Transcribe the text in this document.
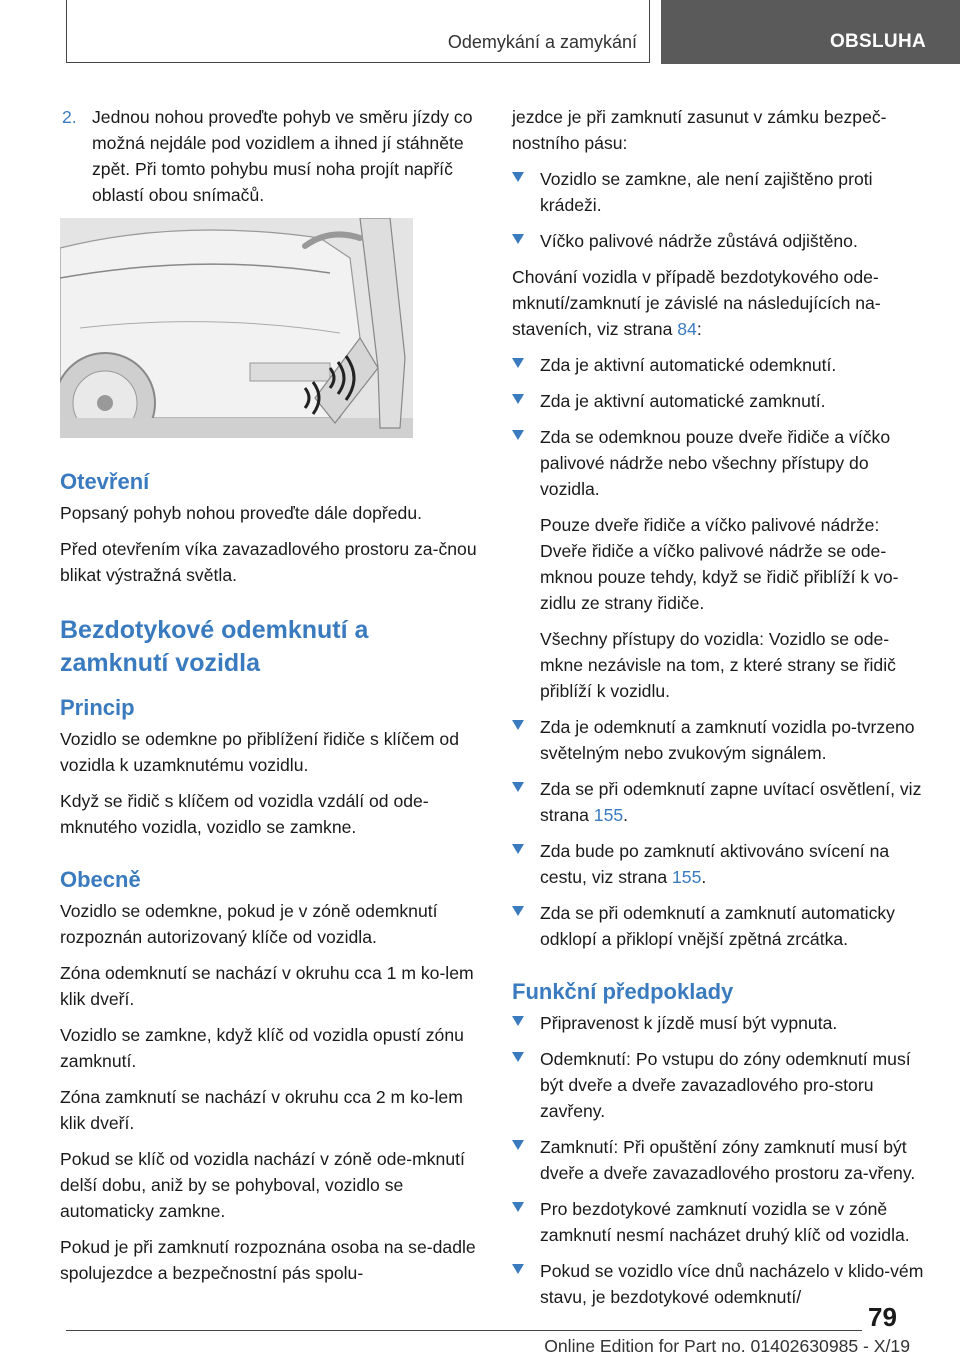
Odemykání a zamykání	OBSLUHA
2. Jednou nohou proveďte pohyb ve směru jízdy co možná nejdále pod vozidlem a ihned jí stáhněte zpět. Při tomto pohybu musí noha projít napříč oblastí obou snímačů.
Otevření

Popsaný pohyb nohou proveďte dále dopředu.

Před otevřením víka zavazadlového prostoru za-čnou blikat výstražná světla.

Bezdotykové odemknutí a zamknutí vozidla
Princip

Vozidlo se odemkne po přiblížení řidiče s klíčem od vozidla k uzamknutému vozidlu.

Když se řidič s klíčem od vozidla vzdálí od ode-mknutého vozidla, vozidlo se zamkne.

Obecně

Vozidlo se odemkne, pokud je v zóně odemknutí rozpoznán autorizovaný klíče od vozidla.

Zóna odemknutí se nachází v okruhu cca 1 m ko-lem klik dveří.

Vozidlo se zamkne, když klíč od vozidla opustí zónu zamknutí.

Zóna zamknutí se nachází v okruhu cca 2 m ko-lem klik dveří.

Pokud se klíč od vozidla nachází v zóně ode-mknutí delší dobu, aniž by se pohyboval, vozidlo se automaticky zamkne.

Pokud je při zamknutí rozpoznána osoba na se-dadle spolujezdce a bezpečnostní pás spolu-

jezdce je při zamknutí zasunut v zámku bezpeč-nostního pásu:

Vozidlo se zamkne, ale není zajištěno proti krádeži.
Víčko palivové nádrže zůstává odjištěno.

Chování vozidla v případě bezdotykového ode-mknutí/zamknutí je závislé na následujících na-staveních, viz strana 84:

Zda je aktivní automatické odemknutí.
Zda je aktivní automatické zamknutí.
Zda se odemknou pouze dveře řidiče a víčko palivové nádrže nebo všechny přístupy do vozidla.

Pouze dveře řidiče a víčko palivové nádrže: Dveře řidiče a víčko palivové nádrže se ode-mknou pouze tehdy, když se řidič přiblíží k vo-zidlu ze strany řidiče.

Všechny přístupy do vozidla: Vozidlo se ode-mkne nezávisle na tom, z které strany se řidič přiblíží k vozidlu.

Zda je odemknutí a zamknutí vozidla po-tvrzeno světelným nebo zvukovým signálem.
Zda se při odemknutí zapne uvítací osvětlení, viz strana 155.
Zda bude po zamknutí aktivováno svícení na cestu, viz strana 155.
Zda se při odemknutí a zamknutí automaticky odklopí a přiklopí vnější zpětná zrcátka.
Funkční předpoklady
Připravenost k jízdě musí být vypnuta.
Odemknutí: Po vstupu do zóny odemknutí musí být dveře a dveře zavazadlového pro-storu zavřeny.
Zamknutí: Při opuštění zóny zamknutí musí být dveře a dveře zavazadlového prostoru za-vřeny.
Pro bezdotykové zamknutí vozidla se v zóně zamknutí nesmí nacházet druhý klíč od vozidla.
Pokud se vozidlo více dnů nacházelo v klido-vém stavu, je bezdotykové odemknutí/
79
Online Edition for Part no. 01402630985 - X/19
